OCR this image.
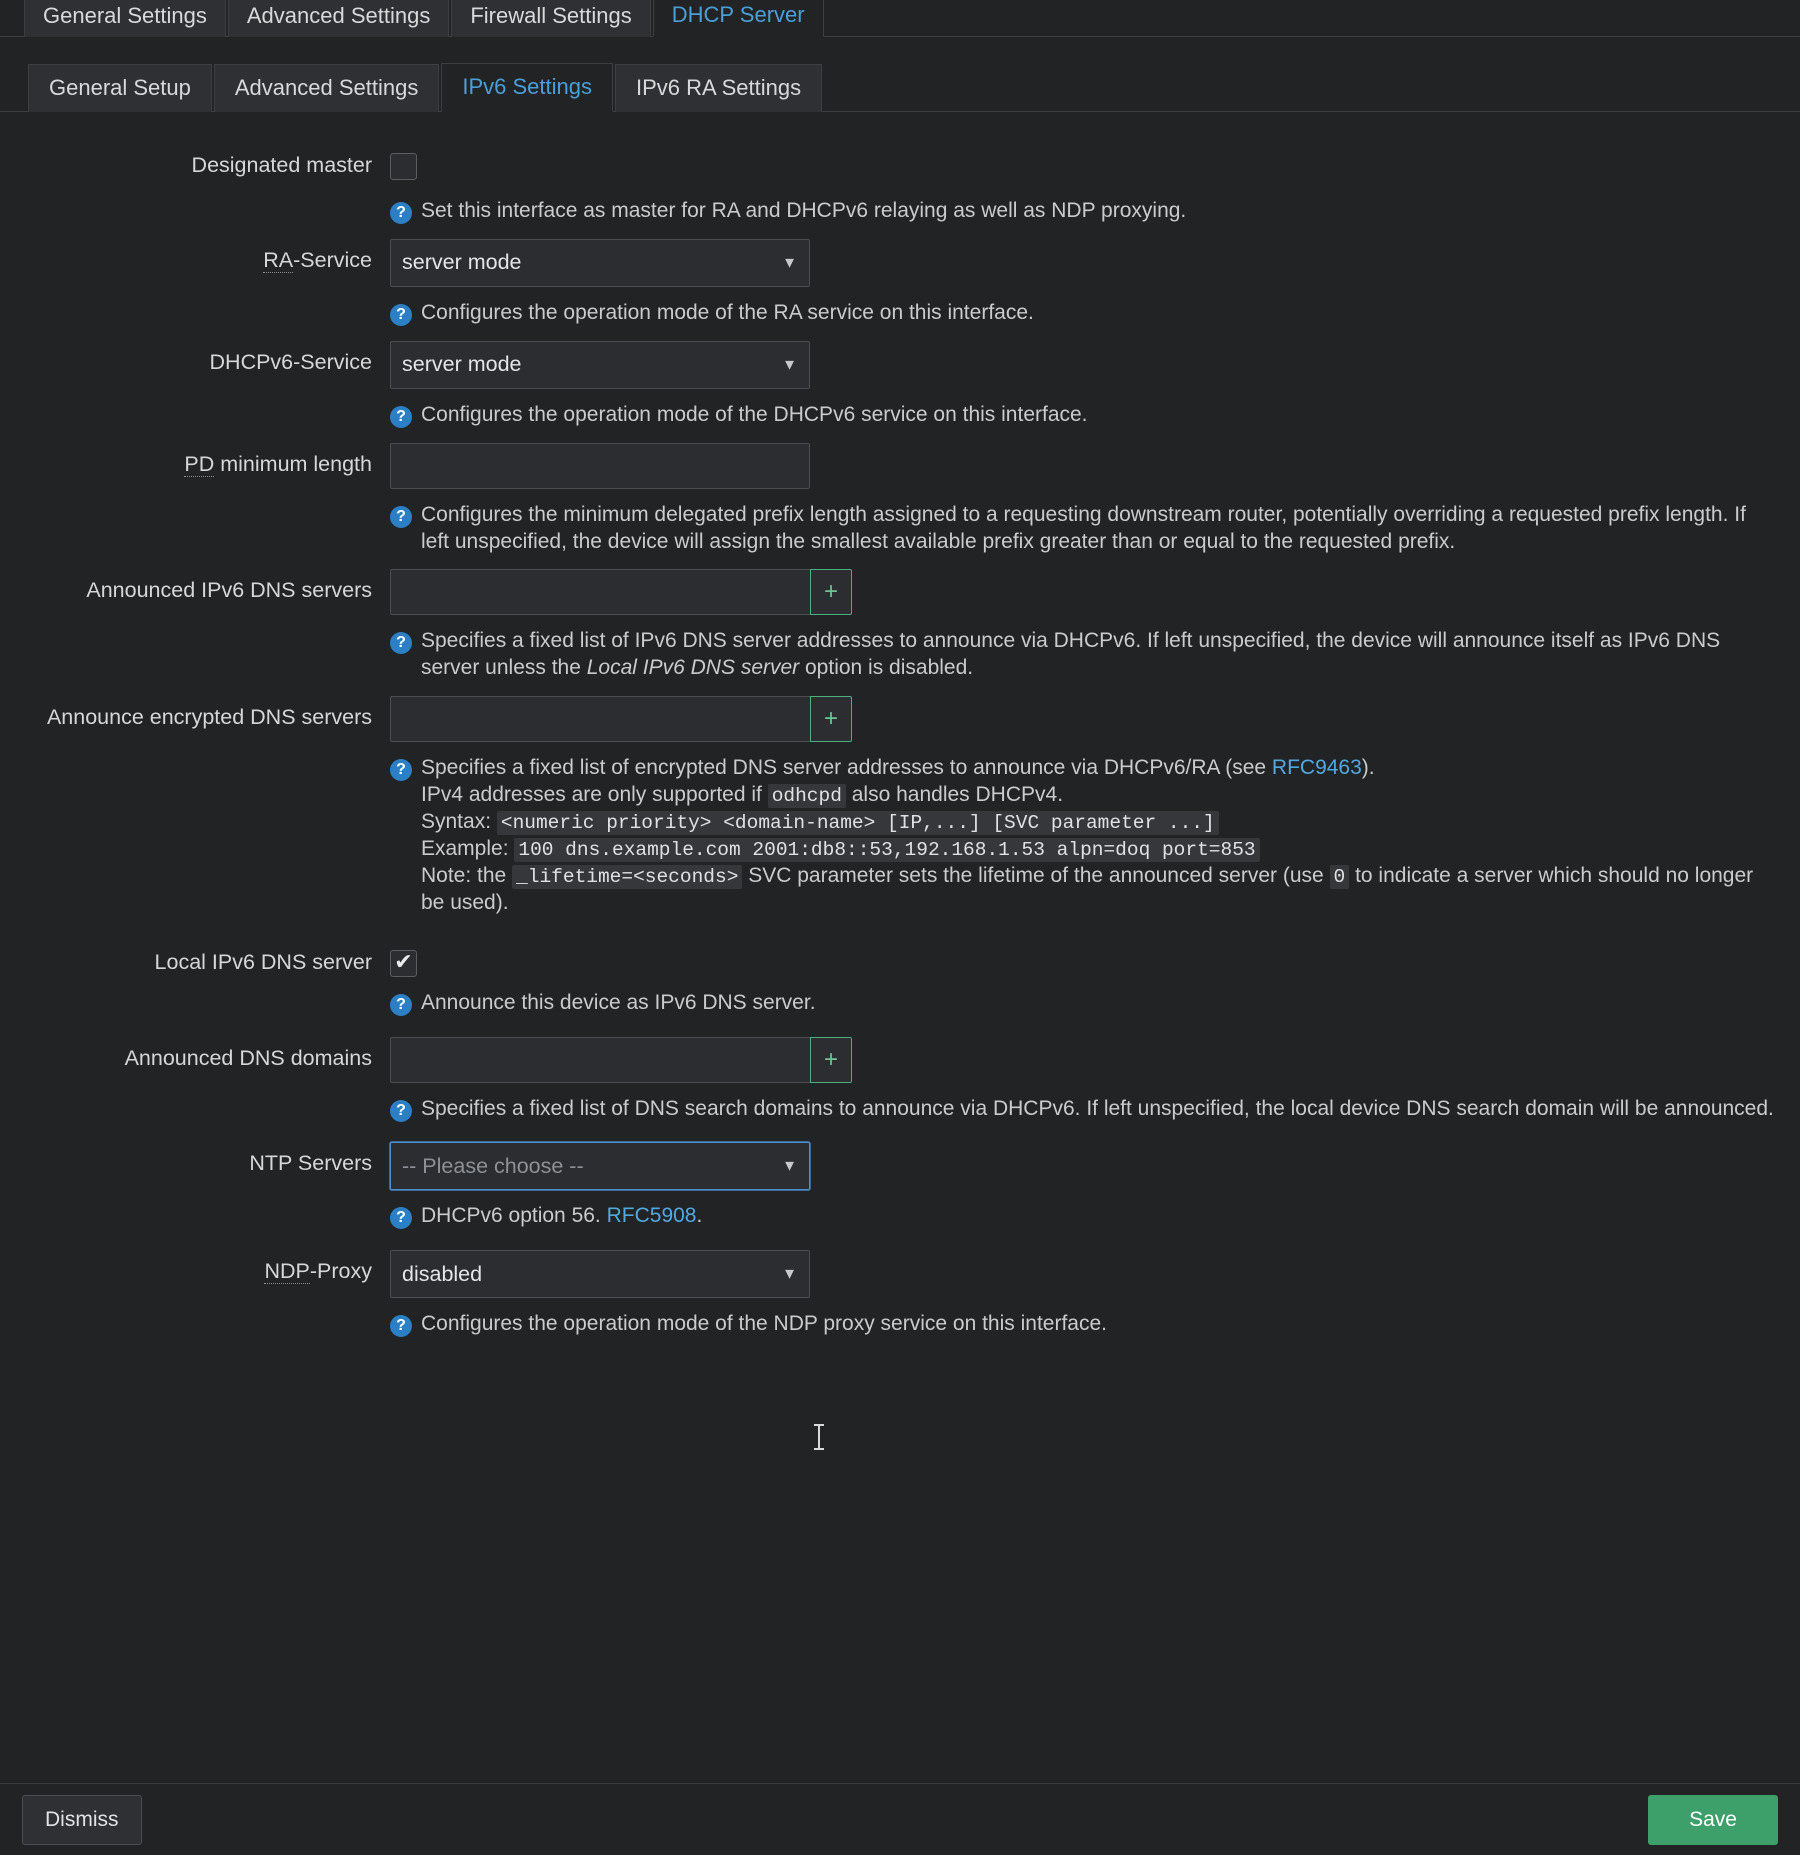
General Settings	Advanced Settings	Firewall Settings	DHCP Server
General Setup	Advanced Settings	IPv6 Settings	IPv6 RA Settings
Designated master
? Set this interface as master for RA and DHCPv6 relaying as well as NDP proxying.
RA-Service	server mode	▼
? Configures the operation mode of the RA service on this interface.
DHCPv6-Service	server mode	▼
? Configures the operation mode of the DHCPv6 service on this interface.
PD minimum length
? Configures the minimum delegated prefix length assigned to a requesting downstream router, potentially overriding a requested prefix length. If left unspecified, the device will assign the smallest available prefix greater than or equal to the requested prefix.
Announced IPv6 DNS servers	+
? Specifies a fixed list of IPv6 DNS server addresses to announce via DHCPv6. If left unspecified, the device will announce itself as IPv6 DNS server unless the Local IPv6 DNS server option is disabled.
Announce encrypted DNS servers	+
? Specifies a fixed list of encrypted DNS server addresses to announce via DHCPv6/RA (see RFC9463).
IPv4 addresses are only supported if odhcpd also handles DHCPv4.
Syntax: <numeric priority> <domain-name> [IP,...] [SVC parameter ...]
Example: 100 dns.example.com 2001:db8::53,192.168.1.53 alpn=doq port=853
Note: the _lifetime=<seconds> SVC parameter sets the lifetime of the announced server (use 0 to indicate a server which should no longer be used).
Local IPv6 DNS server	✔
? Announce this device as IPv6 DNS server.
Announced DNS domains	+
? Specifies a fixed list of DNS search domains to announce via DHCPv6. If left unspecified, the local device DNS search domain will be announced.
NTP Servers	-- Please choose --	▼
? DHCPv6 option 56. RFC5908.
NDP-Proxy	disabled	▼
? Configures the operation mode of the NDP proxy service on this interface.
Dismiss	Save
